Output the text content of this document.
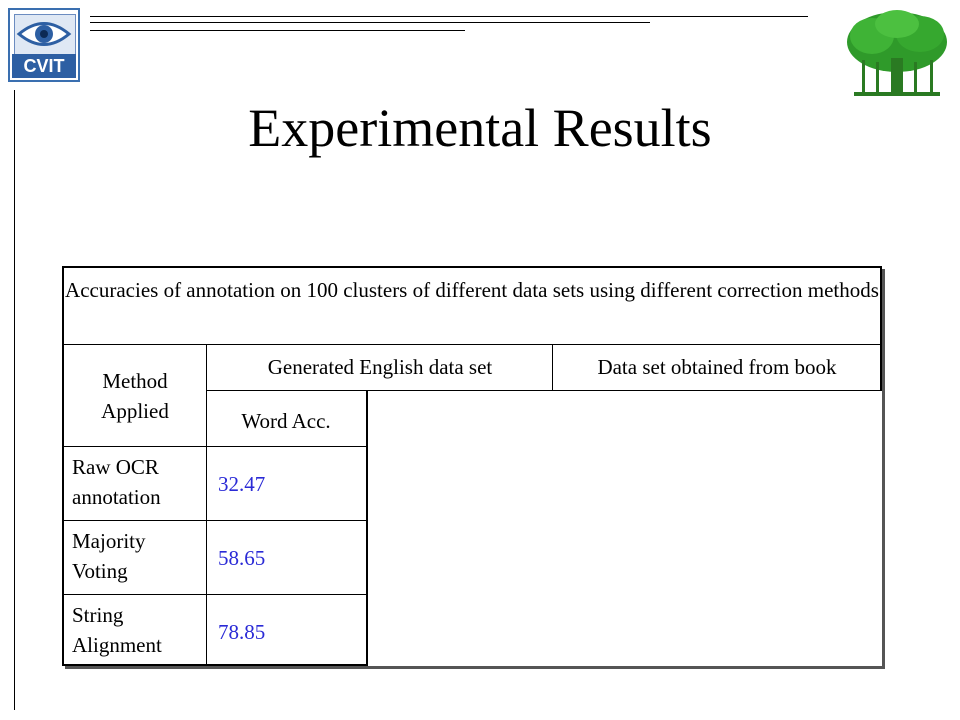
CVIT
Experimental Results
Accuracies of annotation on 100 clusters of different data sets using different correction methods
Method Applied
Generated English data set	Data set obtained from book
Word Acc.
Raw OCR annotation
32.47
Majority Voting
58.65
String Alignment
78.85
